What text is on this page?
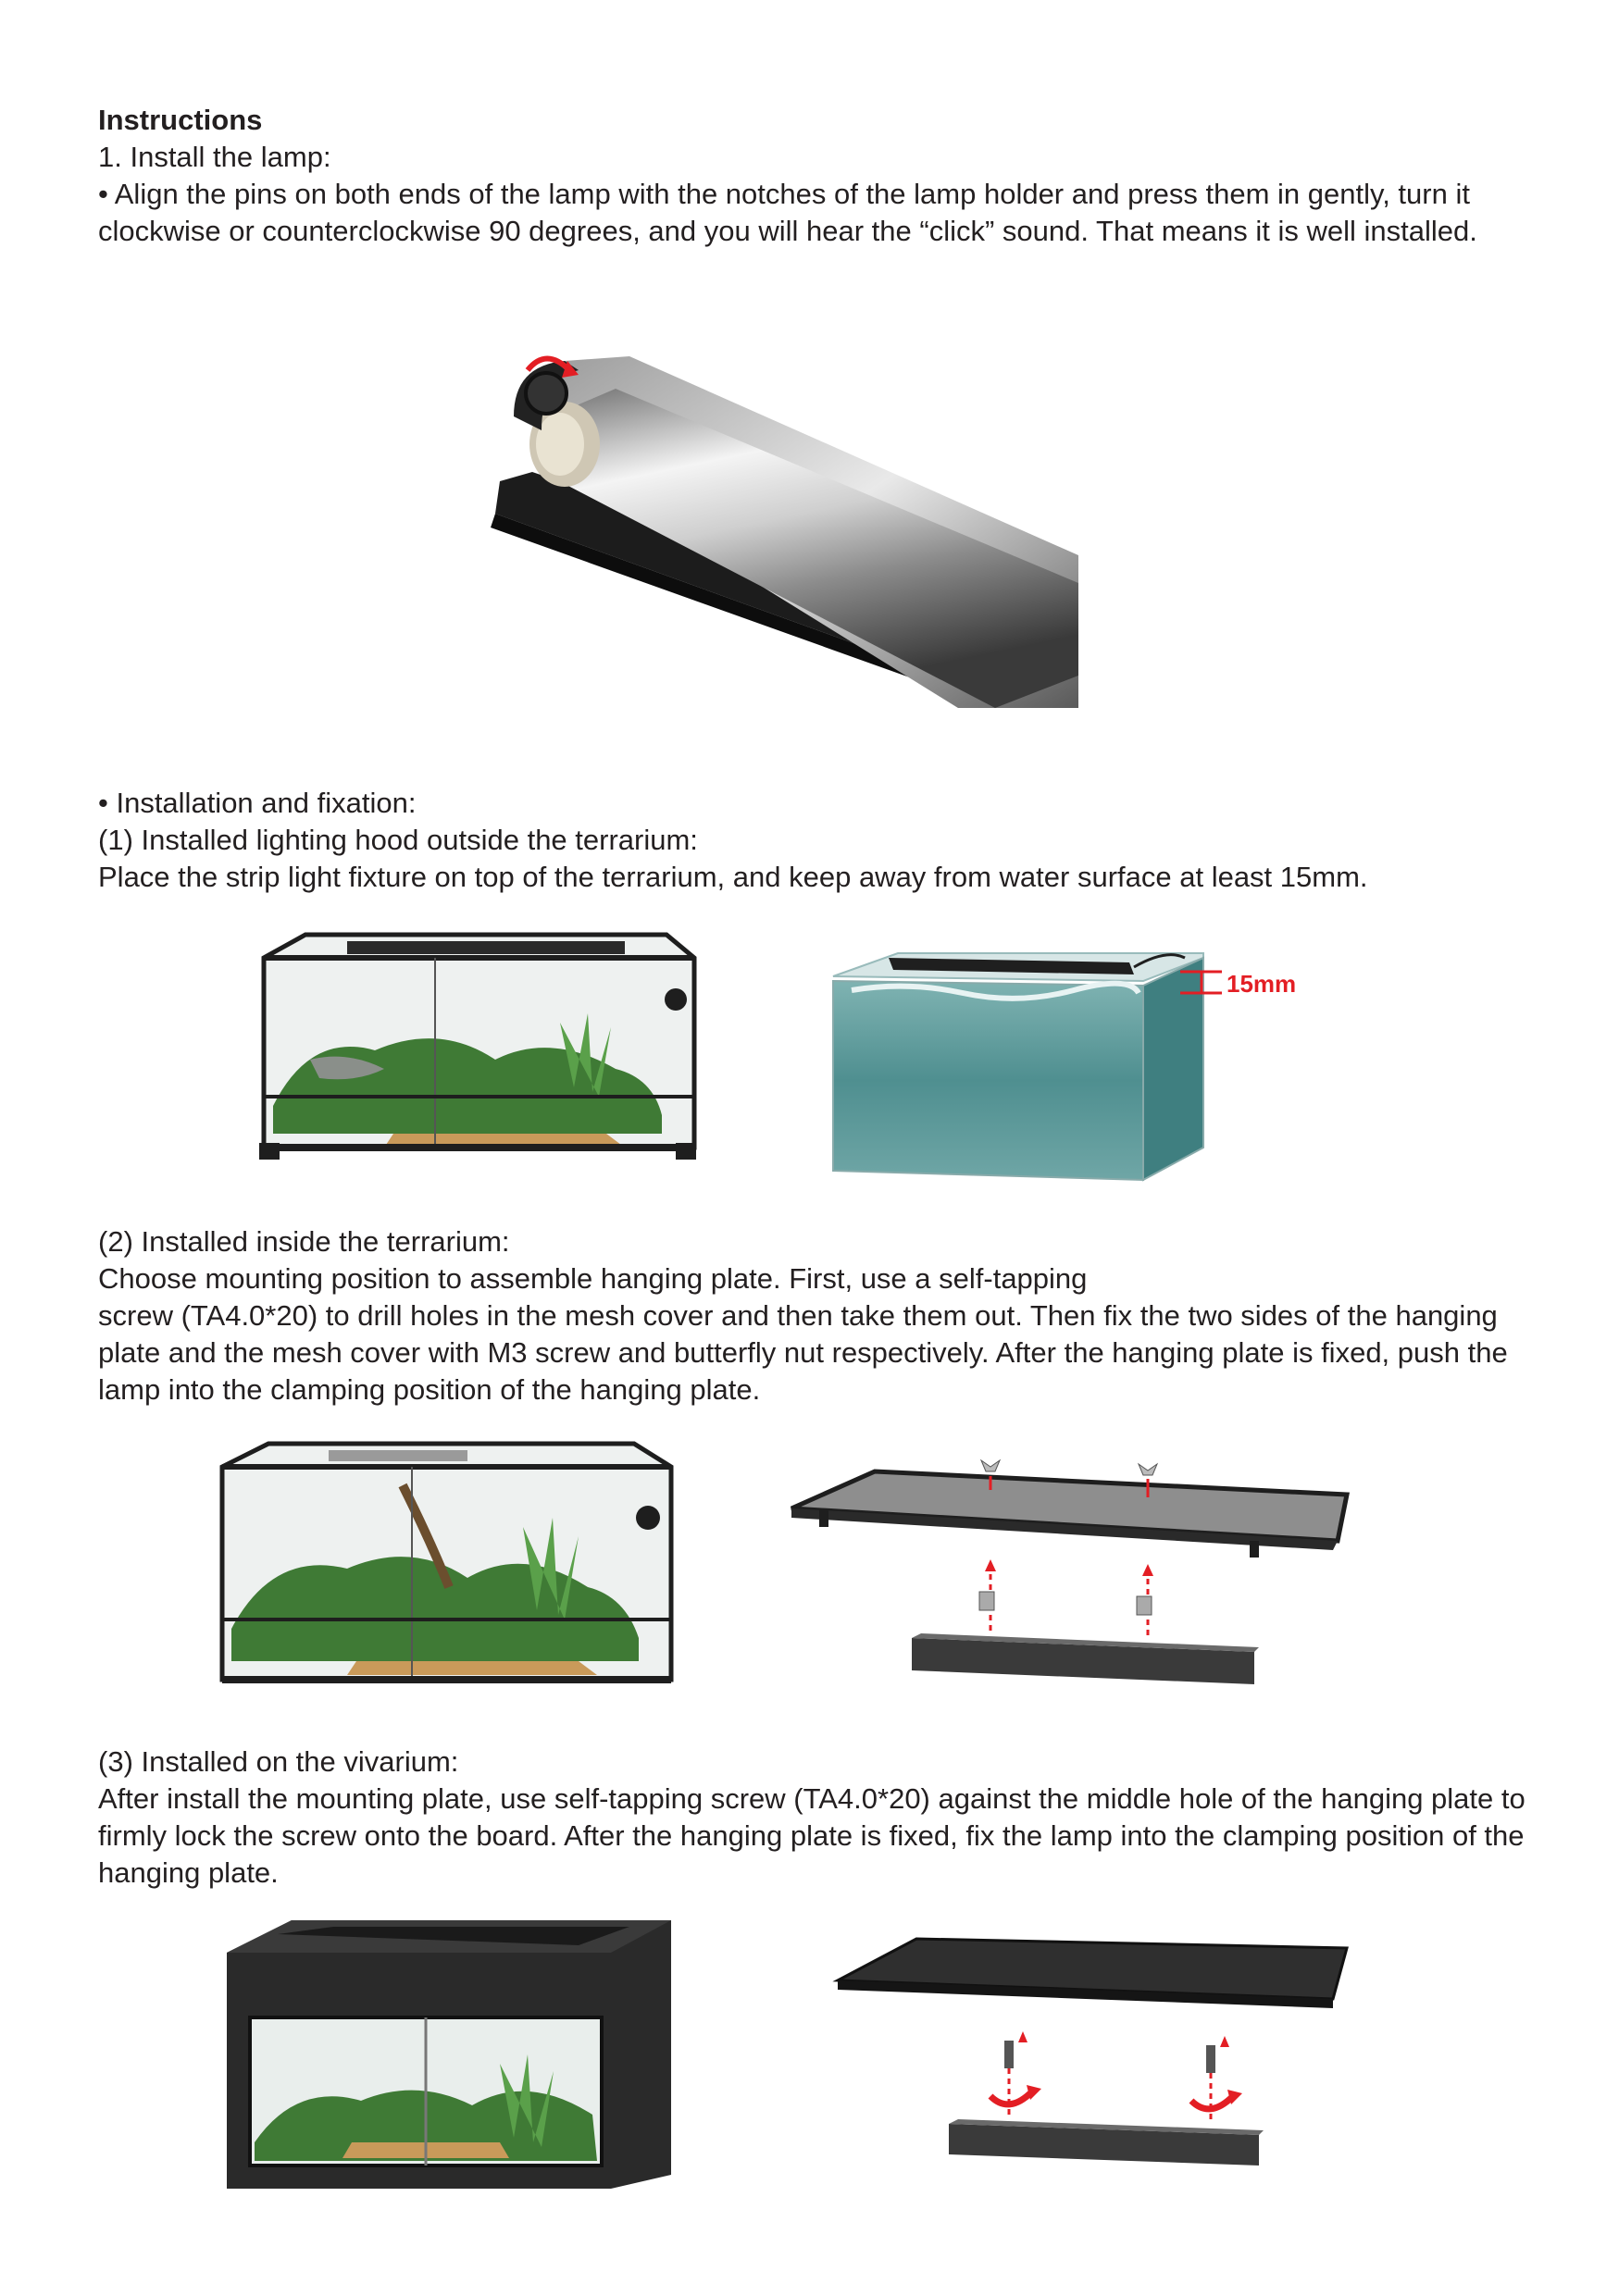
Instructions

1. Install the lamp:

• Align the pins on both ends of the lamp with the notches of the lamp holder and press them in gently, turn it clockwise or counterclockwise 90 degrees, and you will hear the “click” sound. That means it is well installed.

• Installation and fixation:

(1) Installed lighting hood outside the terrarium:

Place the strip light fixture on top of the terrarium, and keep away from water surface at least 15mm.

(2) Installed inside the terrarium:

Choose mounting position to assemble hanging plate. First, use a self-tapping

screw (TA4.0*20) to drill holes in the mesh cover and then take them out. Then fix the two sides of the hanging plate and the mesh cover with M3 screw and butterfly nut respectively. After the hanging plate is fixed, push the lamp into the clamping position of the hanging plate.

(3) Installed on the vivarium:

After install the mounting plate, use self-tapping screw (TA4.0*20) against the middle hole of the hanging plate to firmly lock the screw onto the board. After the hanging plate is fixed, fix the lamp into the clamping position of the hanging plate.

15mm
